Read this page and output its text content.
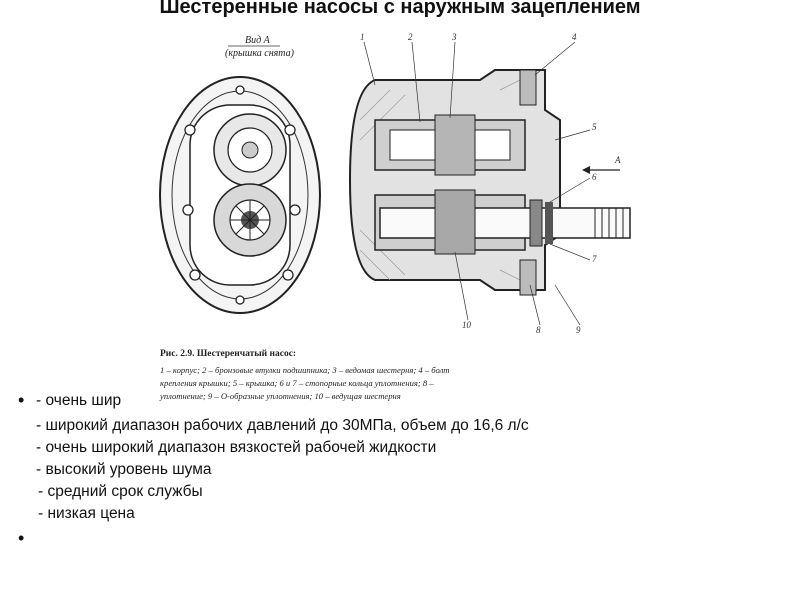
Шестеренные насосы с наружным зацеплением
Вид А
(крышка снята)
А
1	2	3	4
5
6
7
8	9
10
Рис. 2.9. Шестеренчатый насос:
1 – корпус; 2 – бронзовые втулки подшипника; 3 – ведомая шестерня; 4 – болт
крепления крышки; 5 – крышка; 6 и 7 – стопорные кольца уплотнения; 8 –
уплотнение; 9 – О-образные уплотнения; 10 – ведущая шестерня
• - очень шир
- широкий диапазон рабочих давлений до 30МПа, объем до 16,6 л/с
- очень широкий диапазон вязкостей рабочей жидкости
- высокий уровень шума
- средний срок службы
- низкая цена
•
